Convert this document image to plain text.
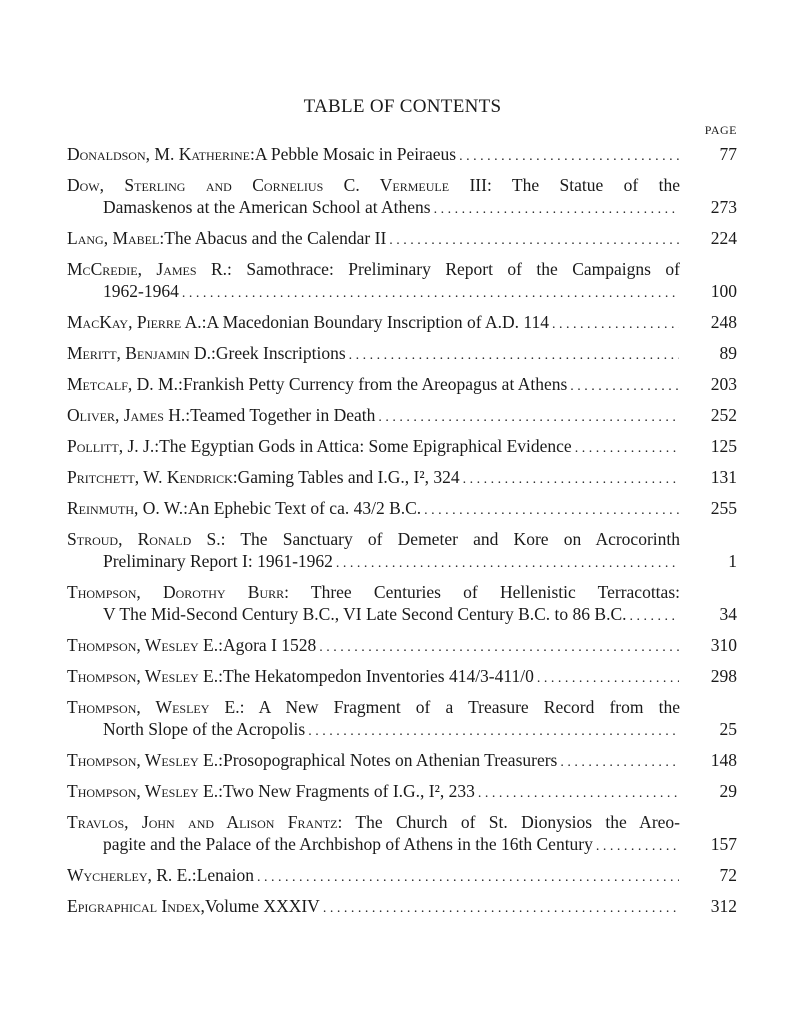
TABLE OF CONTENTS
PAGE
Donaldson, M. Katherine: A Pebble Mosaic in Peiraeus . . .	77
Dow, Sterling and Cornelius C. Vermeule III: The Statue of the
Damaskenos at the American School at Athens . . .	273
Lang, Mabel: The Abacus and the Calendar II . . .	224
McCredie, James R.: Samothrace: Preliminary Report of the Campaigns of
1962-1964 . . .	100
MacKay, Pierre A.: A Macedonian Boundary Inscription of A.D. 114 . . .	248
Meritt, Benjamin D.: Greek Inscriptions . . .	89
Metcalf, D. M.: Frankish Petty Currency from the Areopagus at Athens . . .	203
Oliver, James H.: Teamed Together in Death . . .	252
Pollitt, J. J.: The Egyptian Gods in Attica: Some Epigraphical Evidence . . .	125
Pritchett, W. Kendrick: Gaming Tables and I.G., I², 324 . . .	131
Reinmuth, O. W.: An Ephebic Text of ca. 43/2 B.C. . . .	255
Stroud, Ronald S.: The Sanctuary of Demeter and Kore on Acrocorinth
Preliminary Report I: 1961-1962 . . .	1
Thompson, Dorothy Burr: Three Centuries of Hellenistic Terracottas:
V The Mid-Second Century B.C., VI Late Second Century B.C. to 86 B.C. . . .	34
Thompson, Wesley E.: Agora I 1528 . . .	310
Thompson, Wesley E.: The Hekatompedon Inventories 414/3-411/0 . . .	298
Thompson, Wesley E.: A New Fragment of a Treasure Record from the
North Slope of the Acropolis . . .	25
Thompson, Wesley E.: Prosopographical Notes on Athenian Treasurers . . .	148
Thompson, Wesley E.: Two New Fragments of I.G., I², 233 . . .	29
Travlos, John and Alison Frantz: The Church of St. Dionysios the Areo-
pagite and the Palace of the Archbishop of Athens in the 16th Century . . .	157
Wycherley, R. E.: Lenaion . . .	72
Epigraphical Index, Volume XXXIV . . .	312
